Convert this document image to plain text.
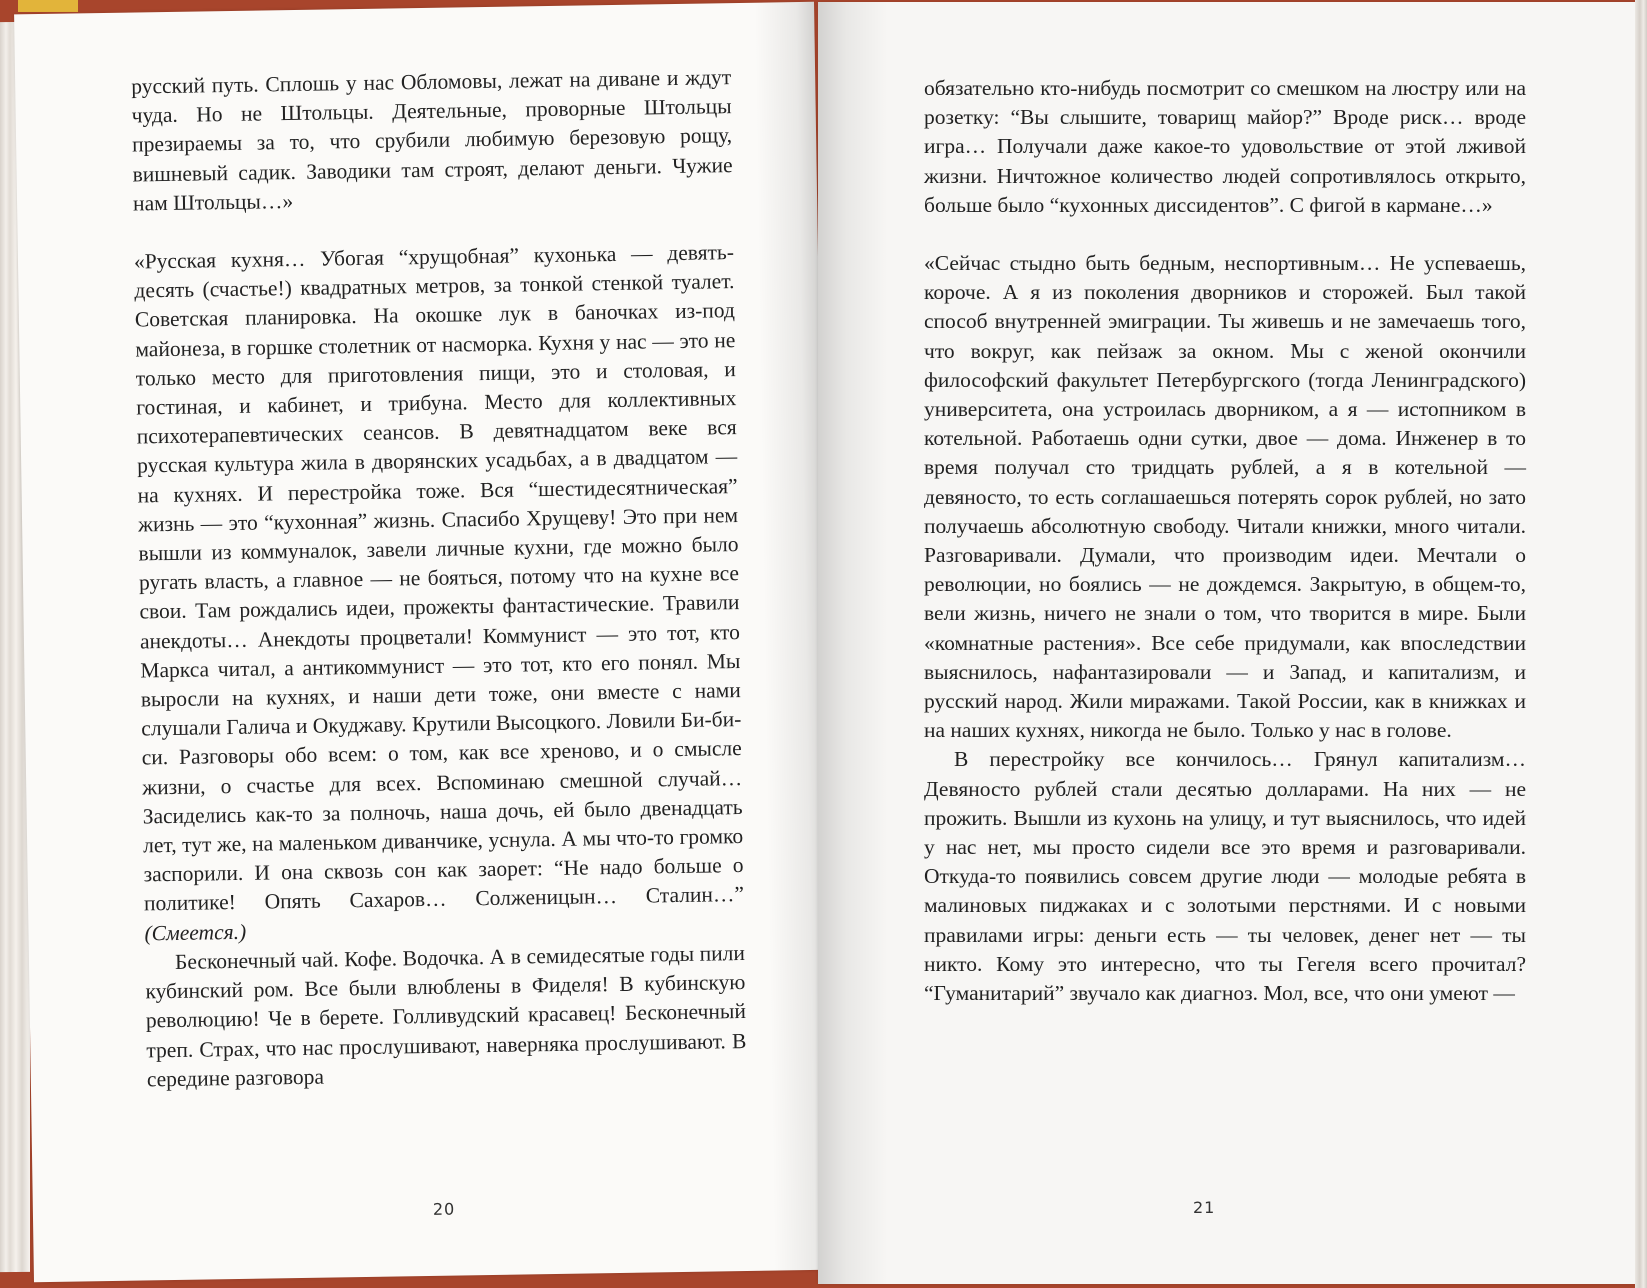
русский путь. Сплошь у нас Обломовы, лежат на диване и ждут чуда. Но не Штольцы. Деятельные, проворные Штольцы презираемы за то, что срубили любимую березовую рощу, вишневый садик. Заводики там строят, делают деньги. Чужие нам Штольцы…»

«Русская кухня… Убогая “хрущобная” кухонька — девять-десять (счастье!) квадратных метров, за тонкой стенкой туалет. Советская планировка. На окошке лук в баночках из-под майонеза, в горшке столетник от насморка. Кухня у нас — это не только место для приготовления пищи, это и столовая, и гостиная, и кабинет, и трибуна. Место для коллективных психотерапевтических сеансов. В девятнадцатом веке вся русская культура жила в дворянских усадьбах, а в двадцатом — на кухнях. И перестройка тоже. Вся “шестидесятническая” жизнь — это “кухонная” жизнь. Спасибо Хрущеву! Это при нем вышли из коммуналок, завели личные кухни, где можно было ругать власть, а главное — не бояться, потому что на кухне все свои. Там рождались идеи, прожекты фантастические. Травили анекдоты… Анекдоты процветали! Коммунист — это тот, кто Маркса читал, а антикоммунист — это тот, кто его понял. Мы выросли на кухнях, и наши дети тоже, они вместе с нами слушали Галича и Окуджаву. Крутили Высоцкого. Ловили Би-би-си. Разговоры обо всем: о том, как все хреново, и о смысле жизни, о счастье для всех. Вспоминаю смешной случай… Засиделись как-то за полночь, наша дочь, ей было двенадцать лет, тут же, на маленьком диванчике, уснула. А мы что-то громко заспорили. И она сквозь сон как заорет: “Не надо больше о политике! Опять Сахаров… Солженицын… Сталин…” (Смеется.)

Бесконечный чай. Кофе. Водочка. А в семидесятые годы пили кубинский ром. Все были влюблены в Фиделя! В кубинскую революцию! Че в берете. Голливудский красавец! Бесконечный треп. Страх, что нас прослушивают, наверняка прослушивают. В середине разговора

20

обязательно кто-нибудь посмотрит со смешком на люстру или на розетку: “Вы слышите, товарищ майор?” Вроде риск… вроде игра… Получали даже какое-то удовольствие от этой лживой жизни. Ничтожное количество людей сопротивлялось открыто, больше было “кухонных диссидентов”. С фигой в кармане…»

«Сейчас стыдно быть бедным, неспортивным… Не успеваешь, короче. А я из поколения дворников и сторожей. Был такой способ внутренней эмиграции. Ты живешь и не замечаешь того, что вокруг, как пейзаж за окном. Мы с женой окончили философский факультет Петербургского (тогда Ленинградского) университета, она устроилась дворником, а я — истопником в котельной. Работаешь одни сутки, двое — дома. Инженер в то время получал сто тридцать рублей, а я в котельной — девяносто, то есть соглашаешься потерять сорок рублей, но зато получаешь абсолютную свободу. Читали книжки, много читали. Разговаривали. Думали, что производим идеи. Мечтали о революции, но боялись — не дождемся. Закрытую, в общем-то, вели жизнь, ничего не знали о том, что творится в мире. Были «комнатные растения». Все себе придумали, как впоследствии выяснилось, нафантазировали — и Запад, и капитализм, и русский народ. Жили миражами. Такой России, как в книжках и на наших кухнях, никогда не было. Только у нас в голове.

В перестройку все кончилось… Грянул капитализм… Девяносто рублей стали десятью долларами. На них — не прожить. Вышли из кухонь на улицу, и тут выяснилось, что идей у нас нет, мы просто сидели все это время и разговаривали. Откуда-то появились совсем другие люди — молодые ребята в малиновых пиджаках и с золотыми перстнями. И с новыми правилами игры: деньги есть — ты человек, денег нет — ты никто. Кому это интересно, что ты Гегеля всего прочитал? “Гуманитарий” звучало как диагноз. Мол, все, что они умеют —

21
